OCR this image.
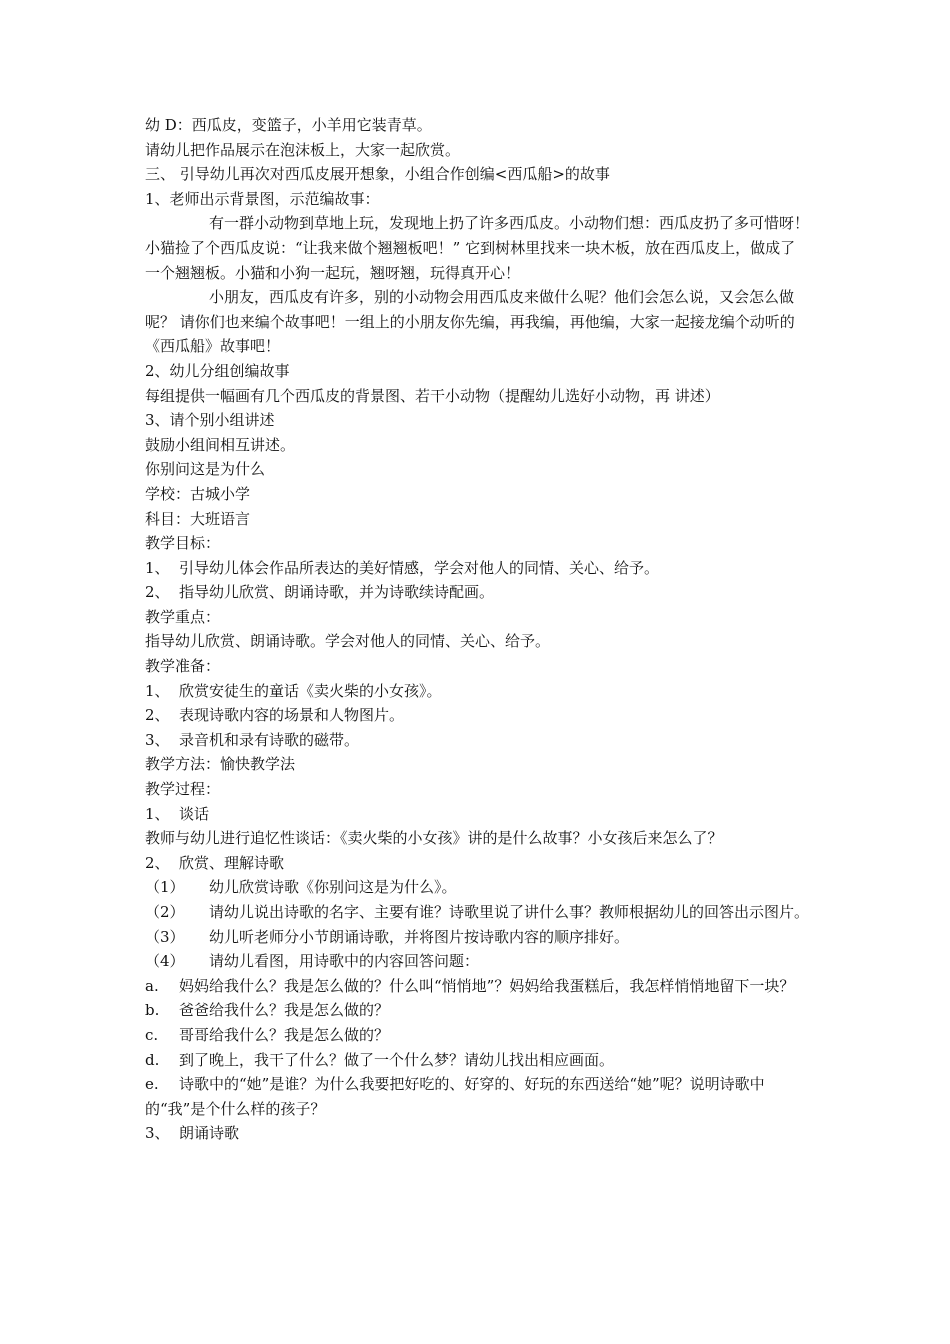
幼 D：西瓜皮，变篮子，小羊用它装青草。
请幼儿把作品展示在泡沫板上，大家一起欣赏。
三、 引导幼儿再次对西瓜皮展开想象，小组合作创编<西瓜船>的故事
1、老师出示背景图，示范编故事：
有一群小动物到草地上玩，发现地上扔了许多西瓜皮。小动物们想：西瓜皮扔了多可惜呀！小猫捡了个西瓜皮说：“让我来做个翘翘板吧！” 它到树林里找来一块木板，放在西瓜皮上，做成了一个翘翘板。小猫和小狗一起玩，翘呀翘，玩得真开心！
小朋友，西瓜皮有许多，别的小动物会用西瓜皮来做什么呢？他们会怎么说，又会怎么做呢？ 请你们也来编个故事吧！一组上的小朋友你先编，再我编，再他编，大家一起接龙编个动听的《西瓜船》故事吧！
2、幼儿分组创编故事
每组提供一幅画有几个西瓜皮的背景图、若干小动物（提醒幼儿选好小动物，再 讲述）
3、请个别小组讲述
鼓励小组间相互讲述。
你别问这是为什么
学校：古城小学
科目：大班语言
教学目标：
1、 引导幼儿体会作品所表达的美好情感，学会对他人的同情、关心、给予。
2、 指导幼儿欣赏、朗诵诗歌，并为诗歌续诗配画。
教学重点：
指导幼儿欣赏、朗诵诗歌。学会对他人的同情、关心、给予。
教学准备：
1、 欣赏安徒生的童话《卖火柴的小女孩》。
2、 表现诗歌内容的场景和人物图片。
3、 录音机和录有诗歌的磁带。
教学方法：愉快教学法
教学过程：
1、 谈话
教师与幼儿进行追忆性谈话：《卖火柴的小女孩》讲的是什么故事？小女孩后来怎么了？
2、 欣赏、理解诗歌
（1） 幼儿欣赏诗歌《你别问这是为什么》。
（2） 请幼儿说出诗歌的名字、主要有谁？诗歌里说了讲什么事？教师根据幼儿的回答出示图片。
（3） 幼儿听老师分小节朗诵诗歌，并将图片按诗歌内容的顺序排好。
（4） 请幼儿看图，用诗歌中的内容回答问题：
a. 妈妈给我什么？我是怎么做的？什么叫“悄悄地”？妈妈给我蛋糕后，我怎样悄悄地留下一块？
b. 爸爸给我什么？我是怎么做的？
c. 哥哥给我什么？我是怎么做的？
d. 到了晚上，我干了什么？做了一个什么梦？请幼儿找出相应画面。
e. 诗歌中的“她”是谁？为什么我要把好吃的、好穿的、好玩的东西送给“她”呢？说明诗歌中的“我”是个什么样的孩子？
3、 朗诵诗歌
